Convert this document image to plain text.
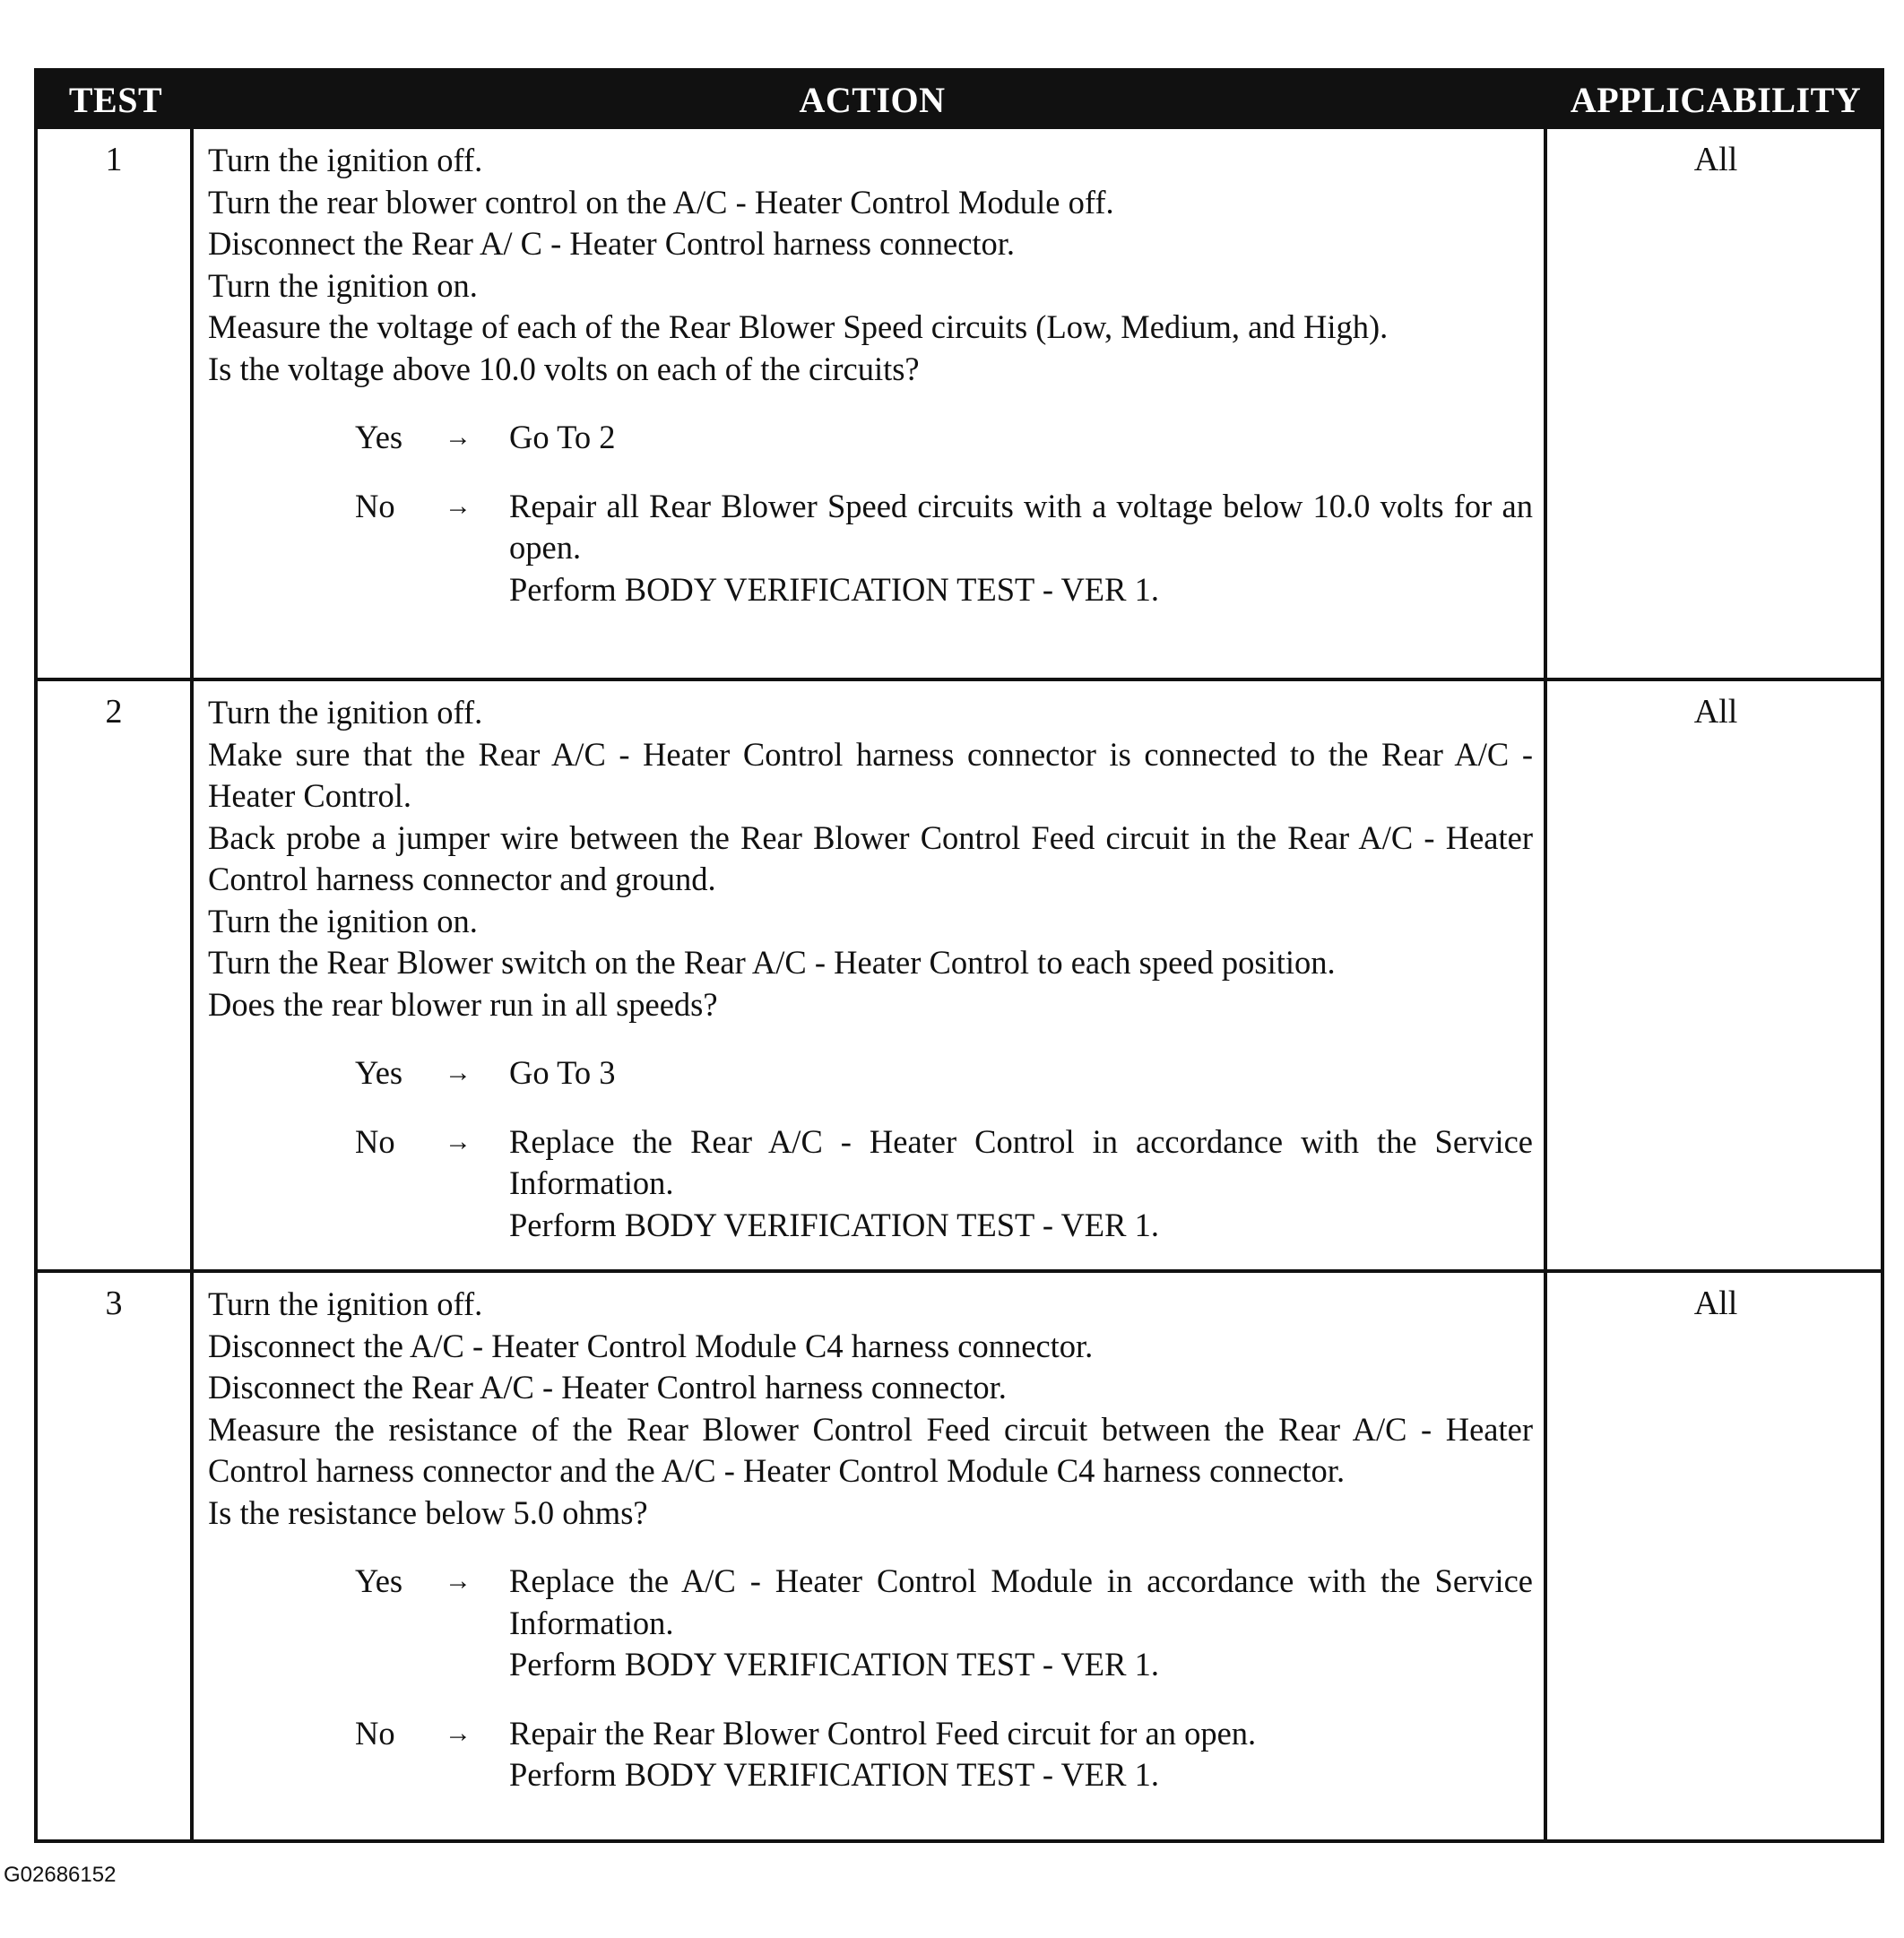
TEST	ACTION	APPLICABILITY
1	Turn the ignition off.
Turn the rear blower control on the A/C - Heater Control Module off.
Disconnect the Rear A/ C - Heater Control harness connector.
Turn the ignition on.
Measure the voltage of each of the Rear Blower Speed circuits (Low, Medium, and High).
Is the voltage above 10.0 volts on each of the circuits?
Yes	→	Go To 2
No	→	Repair all Rear Blower Speed circuits with a voltage below 10.0 volts for an open.
Perform BODY VERIFICATION TEST - VER 1.
All
2	Turn the ignition off.
Make sure that the Rear A/C - Heater Control harness connector is connected to the Rear A/C - Heater Control.
Back probe a jumper wire between the Rear Blower Control Feed circuit in the Rear A/C - Heater Control harness connector and ground.
Turn the ignition on.
Turn the Rear Blower switch on the Rear A/C - Heater Control to each speed position.
Does the rear blower run in all speeds?
Yes	→	Go To 3
No	→	Replace the Rear A/C - Heater Control in accordance with the Service Information.
Perform BODY VERIFICATION TEST - VER 1.
All
3	Turn the ignition off.
Disconnect the A/C - Heater Control Module C4 harness connector.
Disconnect the Rear A/C - Heater Control harness connector.
Measure the resistance of the Rear Blower Control Feed circuit between the Rear A/C - Heater Control harness connector and the A/C - Heater Control Module C4 harness connector.
Is the resistance below 5.0 ohms?
Yes	→	Replace the A/C - Heater Control Module in accordance with the Service Information.
Perform BODY VERIFICATION TEST - VER 1.
No	→	Repair the Rear Blower Control Feed circuit for an open.
Perform BODY VERIFICATION TEST - VER 1.
All
G02686152
